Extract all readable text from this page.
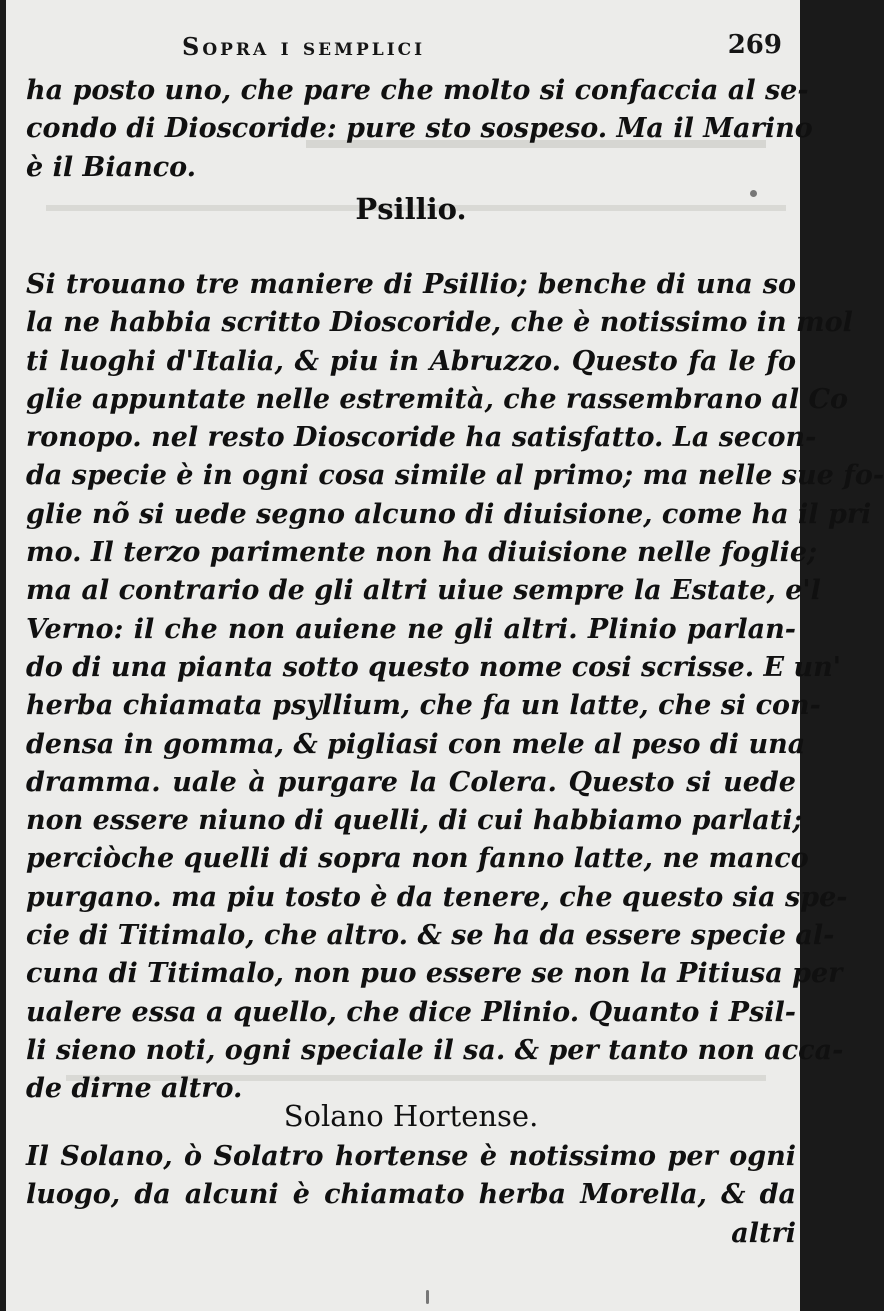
Sopra i semplici	269
ha posto uno, che pare che molto si confaccia al se-
condo di Dioscoride: pure sto sospeso. Ma il Marino
è il Bianco.
Psillio.
Si trouano tre maniere di Psillio; benche di una so
la ne habbia scritto Dioscoride, che è notissimo in mol
ti luoghi d'Italia, & piu in Abruzzo. Questo fa le fo
glie appuntate nelle estremità, che rassembrano al Co
ronopo. nel resto Dioscoride ha satisfatto. La secon-
da specie è in ogni cosa simile al primo; ma nelle sue fo-
glie nõ si uede segno alcuno di diuisione, come ha il pri
mo. Il terzo parimente non ha diuisione nelle foglie;
ma al contrario de gli altri uiue sempre la Estate, e'l
Verno: il che non auiene ne gli altri. Plinio parlan-
do di una pianta sotto questo nome cosi scrisse. E un'
herba chiamata psyllium, che fa un latte, che si con-
densa in gomma, & pigliasi con mele al peso di una
dramma. uale à purgare la Colera. Questo si uede
non essere niuno di quelli, di cui habbiamo parlati;
perciòche quelli di sopra non fanno latte, ne manco
purgano. ma piu tosto è da tenere, che questo sia spe-
cie di Titimalo, che altro. & se ha da essere specie al-
cuna di Titimalo, non puo essere se non la Pitiusa per
ualere essa a quello, che dice Plinio. Quanto i Psil-
li sieno noti, ogni speciale il sa. & per tanto non acca-
de dirne altro.
Solano Hortense.
Il Solano, ò Solatro hortense è notissimo per ogni
luogo, da alcuni è chiamato herba Morella, & da
altri
